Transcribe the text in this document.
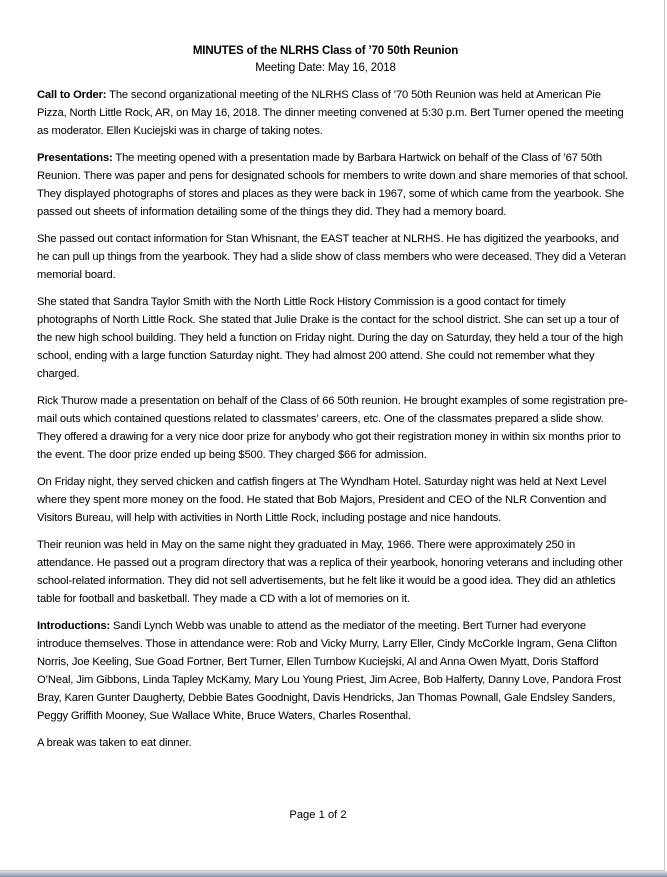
MINUTES of the NLRHS Class of ’70 50th Reunion
Meeting Date: May 16, 2018

Call to Order: The second organizational meeting of the NLRHS Class of ’70 50th Reunion was held at American Pie Pizza, North Little Rock, AR, on May 16, 2018. The dinner meeting convened at 5:30 p.m. Bert Turner opened the meeting as moderator. Ellen Kuciejski was in charge of taking notes.

Presentations: The meeting opened with a presentation made by Barbara Hartwick on behalf of the Class of ’67 50th Reunion. There was paper and pens for designated schools for members to write down and share memories of that school. They displayed photographs of stores and places as they were back in 1967, some of which came from the yearbook. She passed out sheets of information detailing some of the things they did. They had a memory board.

She passed out contact information for Stan Whisnant, the EAST teacher at NLRHS. He has digitized the yearbooks, and he can pull up things from the yearbook. They had a slide show of class members who were deceased. They did a Veteran memorial board.

She stated that Sandra Taylor Smith with the North Little Rock History Commission is a good contact for timely photographs of North Little Rock. She stated that Julie Drake is the contact for the school district. She can set up a tour of the new high school building. They held a function on Friday night. During the day on Saturday, they held a tour of the high school, ending with a large function Saturday night. They had almost 200 attend. She could not remember what they charged.

Rick Thurow made a presentation on behalf of the Class of 66 50th reunion. He brought examples of some registration pre-mail outs which contained questions related to classmates’ careers, etc. One of the classmates prepared a slide show. They offered a drawing for a very nice door prize for anybody who got their registration money in within six months prior to the event. The door prize ended up being $500. They charged $66 for admission.

On Friday night, they served chicken and catfish fingers at The Wyndham Hotel. Saturday night was held at Next Level where they spent more money on the food. He stated that Bob Majors, President and CEO of the NLR Convention and Visitors Bureau, will help with activities in North Little Rock, including postage and nice handouts.

Their reunion was held in May on the same night they graduated in May, 1966. There were approximately 250 in attendance. He passed out a program directory that was a replica of their yearbook, honoring veterans and including other school-related information. They did not sell advertisements, but he felt like it would be a good idea. They did an athletics table for football and basketball. They made a CD with a lot of memories on it.

Introductions: Sandi Lynch Webb was unable to attend as the mediator of the meeting. Bert Turner had everyone introduce themselves. Those in attendance were: Rob and Vicky Murry, Larry Eller, Cindy McCorkle Ingram, Gena Clifton Norris, Joe Keeling, Sue Goad Fortner, Bert Turner, Ellen Turnbow Kuciejski, Al and Anna Owen Myatt, Doris Stafford O’Neal, Jim Gibbons, Linda Tapley McKamy, Mary Lou Young Priest, Jim Acree, Bob Halferty, Danny Love, Pandora Frost Bray, Karen Gunter Daugherty, Debbie Bates Goodnight, Davis Hendricks, Jan Thomas Pownall, Gale Endsley Sanders, Peggy Griffith Mooney, Sue Wallace White, Bruce Waters, Charles Rosenthal.

A break was taken to eat dinner.

Page 1 of 2
